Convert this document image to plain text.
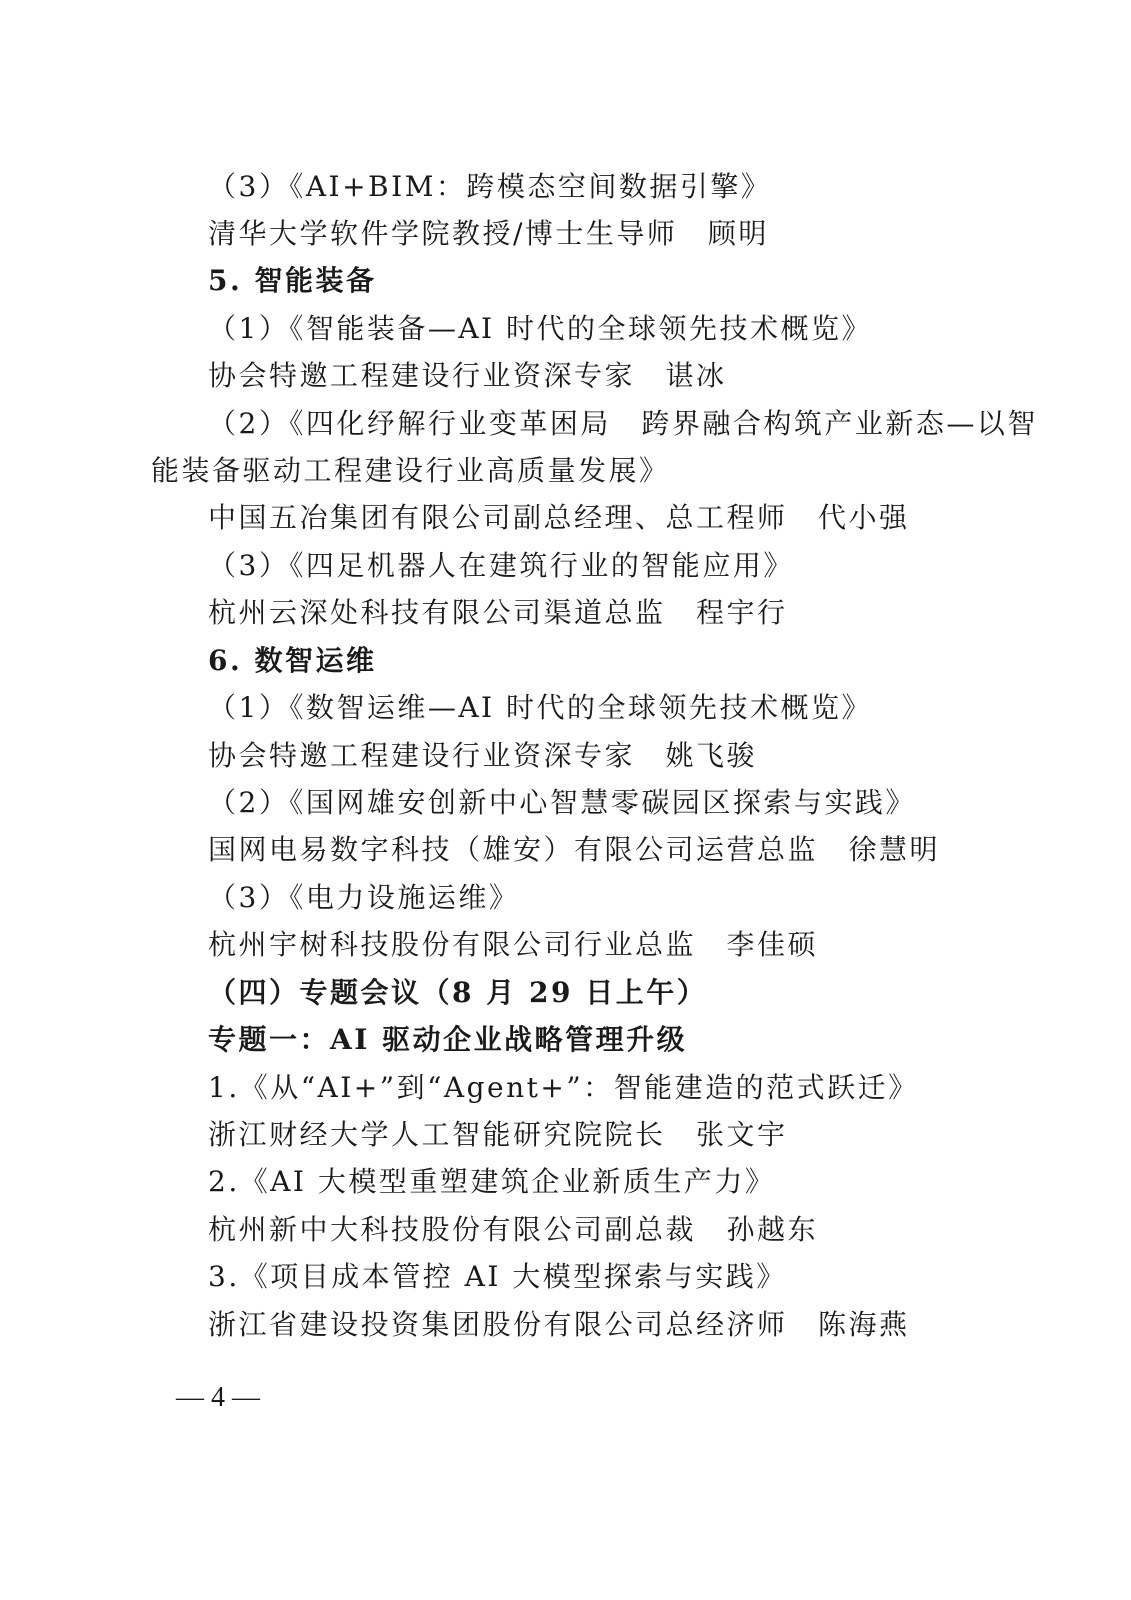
（3）《AI+BIM：跨模态空间数据引擎》
清华大学软件学院教授/博士生导师　顾明
5. 智能装备
（1）《智能装备—AI 时代的全球领先技术概览》
协会特邀工程建设行业资深专家　谌冰
（2）《四化纾解行业变革困局　跨界融合构筑产业新态—以智
能装备驱动工程建设行业高质量发展》
中国五冶集团有限公司副总经理、总工程师　代小强
（3）《四足机器人在建筑行业的智能应用》
杭州云深处科技有限公司渠道总监　程宇行
6. 数智运维
（1）《数智运维—AI 时代的全球领先技术概览》
协会特邀工程建设行业资深专家　姚飞骏
（2）《国网雄安创新中心智慧零碳园区探索与实践》
国网电易数字科技（雄安）有限公司运营总监　徐慧明
（3）《电力设施运维》
杭州宇树科技股份有限公司行业总监　李佳硕
（四）专题会议（8 月 29 日上午）
专题一：AI 驱动企业战略管理升级
1.《从“AI+”到“Agent+”：智能建造的范式跃迁》
浙江财经大学人工智能研究院院长　张文宇
2.《AI 大模型重塑建筑企业新质生产力》
杭州新中大科技股份有限公司副总裁　孙越东
3.《项目成本管控 AI 大模型探索与实践》
浙江省建设投资集团股份有限公司总经济师　陈海燕
— 4 —
